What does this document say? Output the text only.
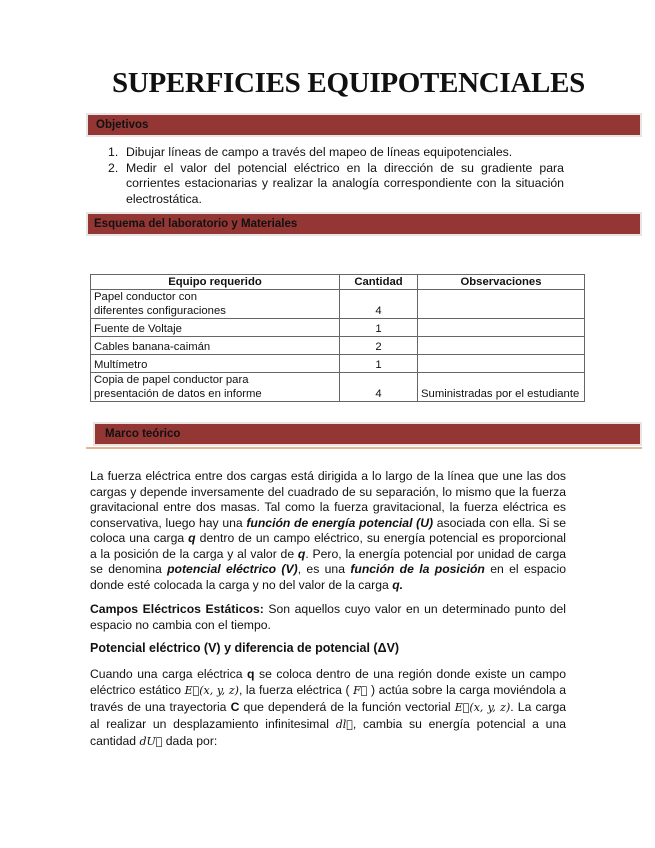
SUPERFICIES EQUIPOTENCIALES
Objetivos
1. Dibujar líneas de campo a través del mapeo de líneas equipotenciales.
2. Medir el valor del potencial eléctrico en la dirección de su gradiente para corrientes estacionarias y realizar la analogía correspondiente con la situación electrostática.
Esquema del laboratorio y Materiales
Equipo requerido	Cantidad	Observaciones
Papel conductor con diferentes configuraciones	4	
Fuente de Voltaje	1	
Cables banana-caimán	2	
Multímetro	1	
Copia de papel conductor para presentación de datos en informe	4	Suministradas por el estudiante
Marco teórico
La fuerza eléctrica entre dos cargas está dirigida a lo largo de la línea que une las dos cargas y depende inversamente del cuadrado de su separación, lo mismo que la fuerza gravitacional entre dos masas. Tal como la fuerza gravitacional, la fuerza eléctrica es conservativa, luego hay una función de energía potencial (U) asociada con ella. Si se coloca una carga q dentro de un campo eléctrico, su energía potencial es proporcional a la posición de la carga y al valor de q. Pero, la energía potencial por unidad de carga se denomina potencial eléctrico (V), es una función de la posición en el espacio donde esté colocada la carga y no del valor de la carga q.
Campos Eléctricos Estáticos: Son aquellos cuyo valor en un determinado punto del espacio no cambia con el tiempo.
Potencial eléctrico (V) y diferencia de potencial (ΔV)
Cuando una carga eléctrica q se coloca dentro de una región donde existe un campo eléctrico estático E⃗(x, y, z), la fuerza eléctrica ( F⃗ ) actúa sobre la carga moviéndola a través de una trayectoria C que dependerá de la función vectorial E⃗(x, y, z). La carga al realizar un desplazamiento infinitesimal dl⃗, cambia su energía potencial a una cantidad dU⃗ dada por:
